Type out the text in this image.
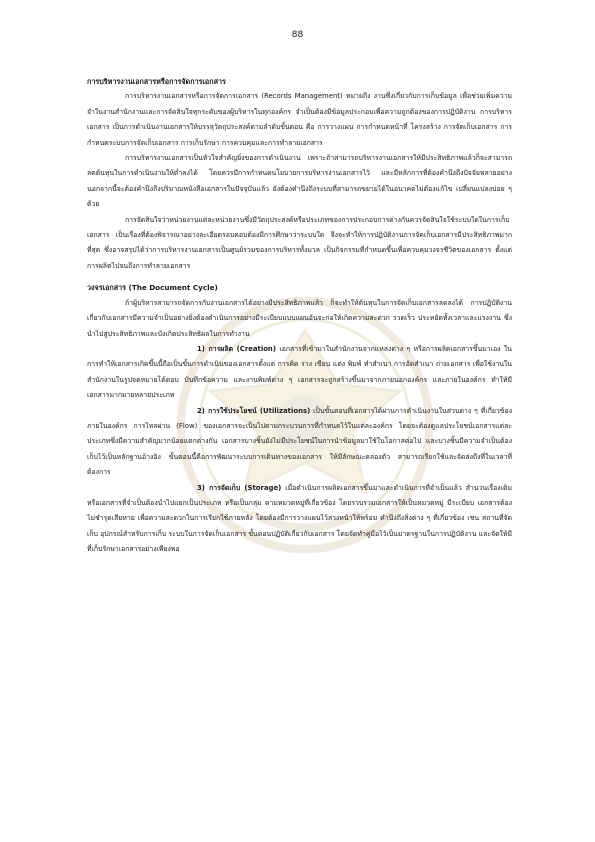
88

การบริหารงานเอกสารหรือการจัดการเอกสาร

การบริหารงานเอกสารหรือการจัดการเอกสาร (Records Management) หมายถึง งานซึ่งเกี่ยวกับการเก็บข้อมูล เพื่อช่วยเพิ่มความจำในงานสำนักงานและการจัดสินใจทุกระดับของผู้บริหารในทุกองค์กร จำเป็นต้องมีข้อมูลประกอบเพื่อความถูกต้องของการปฏิบัติงาน การบริหารเอกสาร เป็นการดำเนินงานเอกสารให้บรรลุวัตถุประสงค์ตามลำดับขั้นตอน คือ การวางแผน การกำหนดหน้าที่ โครงสร้าง การจัดเก็บเอกสาร การกำหนดระบบการจัดเก็บเอกสาร การเก็บรักษา การควบคุมและการทำลายเอกสาร

การบริหารงานเอกสารเป็นหัวใจสำคัญยิ่งของการดำเนินงาน เพราะถ้าสามารถบริหารงานเอกสารให้มีประสิทธิภาพแล้วก็จะสามารถลดต้นทุนในการดำเนินงานให้ต่ำลงได้ โดยควรมีการกำหนดนโยบายการบริหารงานเอกสารไว้ และมีหลักการที่ต้องคำนึงถึงปัจจัยหลายอย่าง นอกจากนี้จะต้องคำนึงถึงปริมาณหนังสือเอกสารในปัจจุบันแล้ว ยังต้องคำนึงถึงระบบที่สามารถขยายได้ในอนาคตไม่ต้องแก้ไข เปลี่ยนแปลงบ่อย ๆ ด้วย

การจัดสินใจว่าหน่วยงานแต่ละหน่วยงานซึ่งมีวัตถุประสงค์หรือประเภทของการประกอบการต่างกันควรจัดสินใจใช้ระบบใดในการเก็บเอกสาร เป็นเรื่องที่ต้องพิจารณาอย่างละเอียดรอบคอบต้องมีการศึกษาว่าระบบใด จึงจะทำให้การปฏิบัติงานการจัดเก็บเอกสารมีประสิทธิภาพมากที่สุด ซึ่งอาจสรุปได้ว่าการบริหารงานเอกสารเป็นศูนย์รวมของการบริหารทั้งมวล เป็นกิจกรรมที่กำหนดขึ้นเพื่อควบคุมวงจรชีวิตของเอกสาร ตั้งแต่การผลิตไปจนถึงการทำลายเอกสาร

วงจรเอกสาร (The Document Cycle)

ถ้าผู้บริหารสามารถจัดการกับงานเอกสารได้อย่างมีประสิทธิภาพแล้ว ก็จะทำให้ต้นทุนในการจัดเก็บเอกสารลดลงได้ การปฏิบัติงานเกี่ยวกับเอกสารมีความจำเป็นอย่างยิ่งต้องดำเนินการอย่างมีระเบียบแบบแผนอันจะก่อให้เกิดความสะดวก รวดเร็ว ประหยัดทั้งเวลาและแรงงาน ซึ่งนำไปสู่ประสิทธิภาพและบังเกิดประสิทธิผลในการทำงาน

1) การผลิต (Creation) เอกสารที่เข้ามาในสำนักงานจากแหล่งต่าง ๆ หรือการผลิตเอกสารขึ้นมาเอง ในการทำให้เอกสารเกิดขึ้นนี้ถือเป็นขั้นการดำเนินของเอกสารตั้งแต่ การคิด ร่าง เขียน แต่ง พิมพ์ ทำสำเนา การอัดสำเนา ถ่ายเอกสาร เพื่อใช้งานในสำนักงานในรูปจดหมายโต้ตอบ บันทึกข้อความ และงานพิมพ์ต่าง ๆ เอกสารจะถูกสร้างขึ้นมาจากภายนอกองค์กร และภายในองค์กร ทำให้มีเอกสารมากมายหลายประเภท

2) การใช้ประโยชน์ (Utilizations) เป็นขั้นตอนที่เอกสารได้ผ่านการดำเนินงานในส่วนต่าง ๆ ที่เกี่ยวข้องภายในองค์กร การไหลผ่าน (Flow) ของเอกสารจะเป็นไปตามกระบวนการที่กำหนดไว้ในแต่ละองค์กร โดยจะต้องดูแลประโยชน์เอกสารแต่ละประเภทซึ่งมีความสำคัญมากน้อยแตกต่างกัน เอกสารบางชิ้นยังไม่มีประโยชน์ในการนำข้อมูลมาใช้ในโอกาสต่อไป และบางชิ้นมีความจำเป็นต้องเก็บไว้เป็นหลักฐานอ้างอิง ขั้นตอนนี้คือการพัฒนาระบบการเดินทางของเอกสาร ให้มีลักษณะคล่องตัว สามารถเรียกใช้และจัดส่งถึงที่ในเวลาที่ต้องการ

3) การจัดเก็บ (Storage) เมื่อดำเนินการผลิตเอกสารขึ้นมาและดำเนินการที่จำเป็นแล้ว สำนวนเรื่องเดิมหรือเอกสารที่จำเป็นต้องนำไปแยกเป็นประเภท หรือเป็นกลุ่ม ตามหมวดหมู่ที่เกี่ยวข้อง โดยรวบรวมเอกสารให้เป็นหมวดหมู่ มีระเบียบ เอกสารต้องไม่ชำรุดเสียหาย เพื่อความสะดวกในการเรียกใช้ภายหลัง โดยต้องมีการวางแผนไว้ล่วงหน้าให้พร้อม คำนึงถึงสิ่งต่าง ๆ ที่เกี่ยวข้อง เช่น สถานที่จัดเก็บ อุปกรณ์สำหรับการเก็บ ระบบในการจัดเก็บเอกสาร ขั้นตอนปฏิบัติเกี่ยวกับเอกสาร โดยจัดทำคู่มือไว้เป็นมาตรฐานในการปฏิบัติงาน และจัดให้มีที่เก็บรักษาเอกสารอย่างเพียงพอ
